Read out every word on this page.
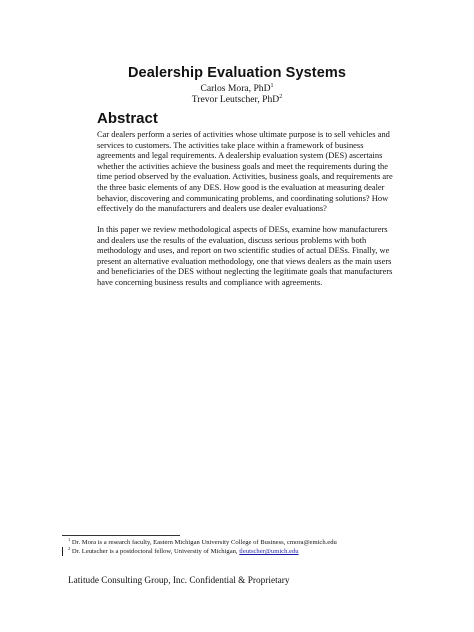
Dealership Evaluation Systems
Carlos Mora, PhD$^1$
Trevor Leutscher, PhD$^2$
Abstract

Car dealers perform a series of activities whose ultimate purpose is to sell vehicles and services to customers. The activities take place within a framework of business agreements and legal requirements. A dealership evaluation system (DES) ascertains whether the activities achieve the business goals and meet the requirements during the time period observed by the evaluation. Activities, business goals, and requirements are the three basic elements of any DES. How good is the evaluation at measuring dealer behavior, discovering and communicating problems, and coordinating solutions? How effectively do the manufacturers and dealers use dealer evaluations?

In this paper we review methodological aspects of DESs, examine how manufacturers and dealers use the results of the evaluation, discuss serious problems with both methodology and uses, and report on two scientific studies of actual DESs. Finally, we present an alternative evaluation methodology, one that views dealers as the main users and beneficiaries of the DES without neglecting the legitimate goals that manufacturers have concerning business results and compliance with agreements.

$^1$ Dr. Mora is a research faculty, Eastern Michigan University College of Business, cmora@emich.edu
$^2$ Dr. Leutscher is a postdoctoral fellow, University of Michigan, tleutscher@umich.edu
Latitude Consulting Group, Inc. Confidential & Proprietary
